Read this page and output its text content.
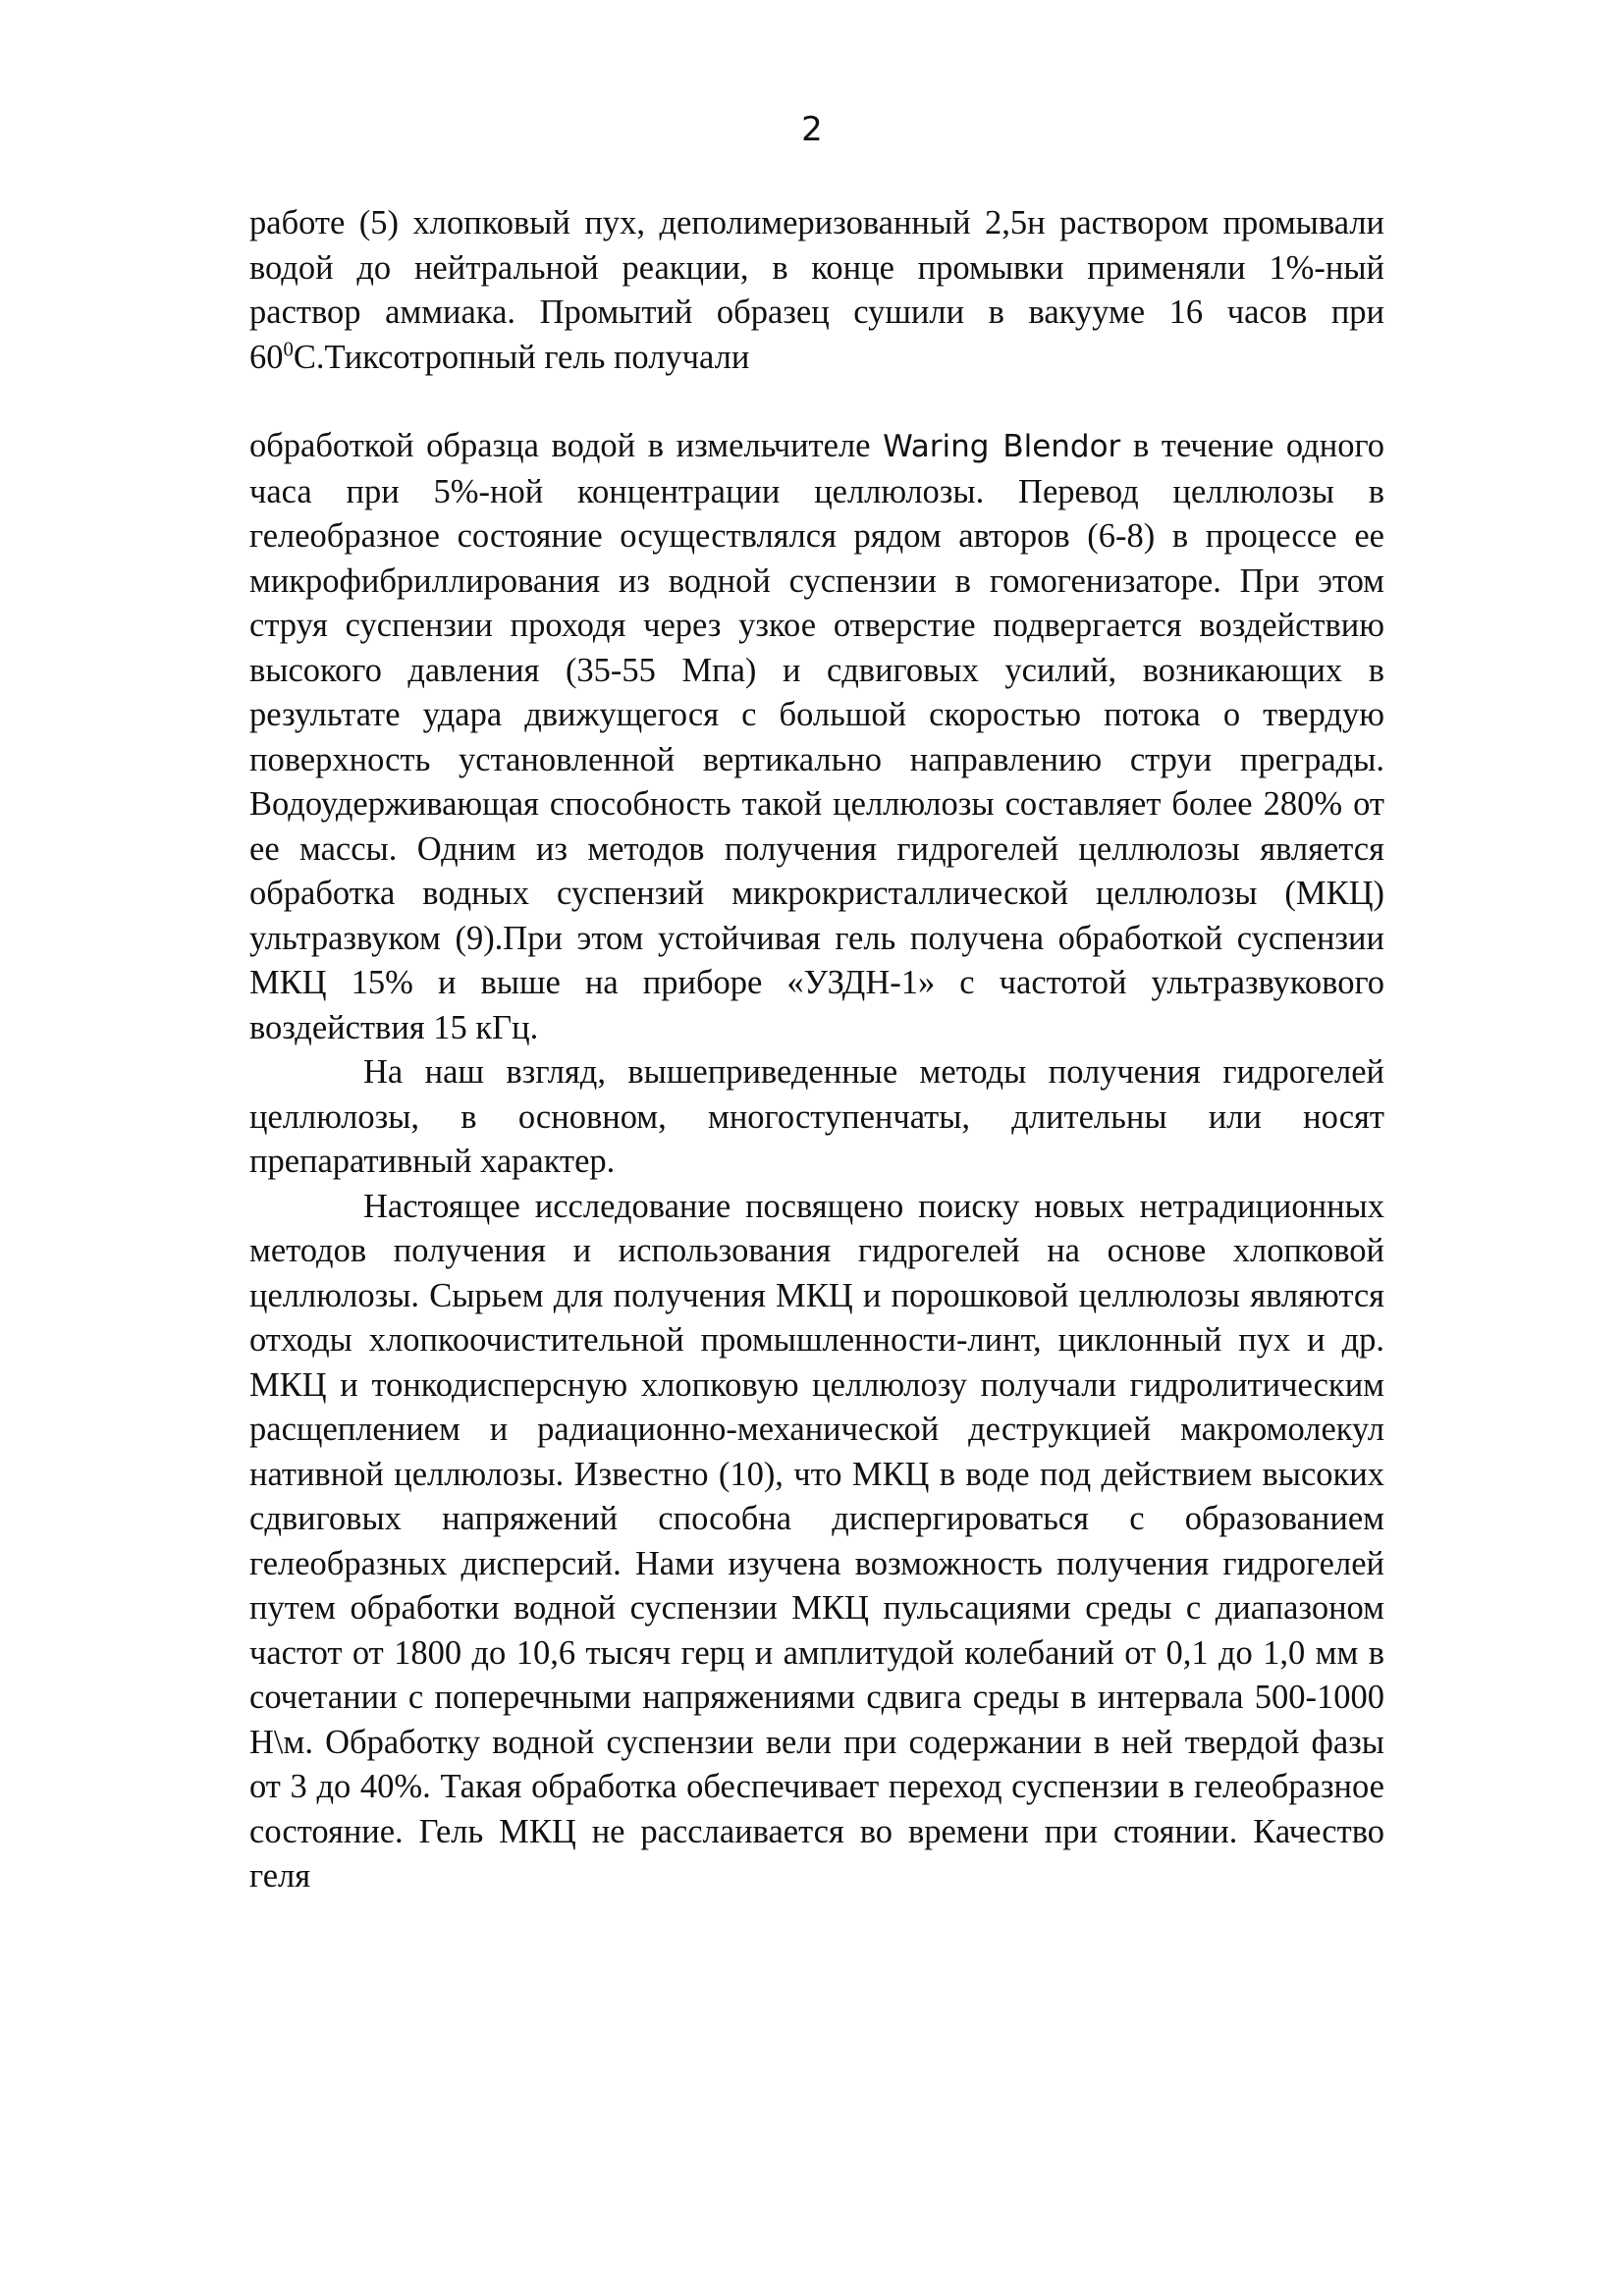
2

работе (5) хлопковый пух, деполимеризованный 2,5н раствором промывали водой до нейтральной реакции, в конце промывки применяли 1%-ный раствор аммиака. Промытий образец сушили в вакууме 16 часов при $60^0С.Тиксотропный$ гель получали

обработкой образца водой в измельчителе Waring Blendor в течение одного часа при 5%-ной концентрации целлюлозы. Перевод целлюлозы в гелеобразное состояние осуществлялся рядом авторов (6-8) в процессе ее микрофибриллирования из водной суспензии в гомогенизаторе. При этом струя суспензии проходя через узкое отверстие подвергается воздействию высокого давления (35-55 Мпа) и сдвиговых усилий, возникающих в результате удара движущегося с большой скоростью потока о твердую поверхность установленной вертикально направлению струи преграды. Водоудерживающая способность такой целлюлозы составляет более 280% от ее массы. Одним из методов получения гидрогелей целлюлозы является обработка водных суспензий микрокристаллической целлюлозы (МКЦ) ультразвуком (9).При этом устойчивая гель получена обработкой суспензии МКЦ 15% и выше на приборе «УЗДН-1» с частотой ультразвукового воздействия 15 кГц.

На наш взгляд, вышеприведенные методы получения гидрогелей целлюлозы, в основном, многоступенчаты, длительны или носят препаративный характер.

Настоящее исследование посвящено поиску новых нетрадиционных методов получения и использования гидрогелей на основе хлопковой целлюлозы. Сырьем для получения МКЦ и порошковой целлюлозы являются отходы хлопкоочистительной промышленности-линт, циклонный пух и др. МКЦ и тонкодисперсную хлопковую целлюлозу получали гидролитическим расщеплением и радиационно-механической деструкцией макромолекул нативной целлюлозы. Известно (10), что МКЦ в воде под действием высоких сдвиговых напряжений способна диспергироваться с образованием гелеобразных дисперсий. Нами изучена возможность получения гидрогелей путем обработки водной суспензии МКЦ пульсациями среды с диапазоном частот от 1800 до 10,6 тысяч герц и амплитудой колебаний от 0,1 до 1,0 мм в сочетании с поперечными напряжениями сдвига среды в интервала 500-1000 Н\м. Обработку водной суспензии вели при содержании в ней твердой фазы от 3 до 40%. Такая обработка обеспечивает переход суспензии в гелеобразное состояние. Гель МКЦ не расслаивается во времени при стоянии. Качество геля
